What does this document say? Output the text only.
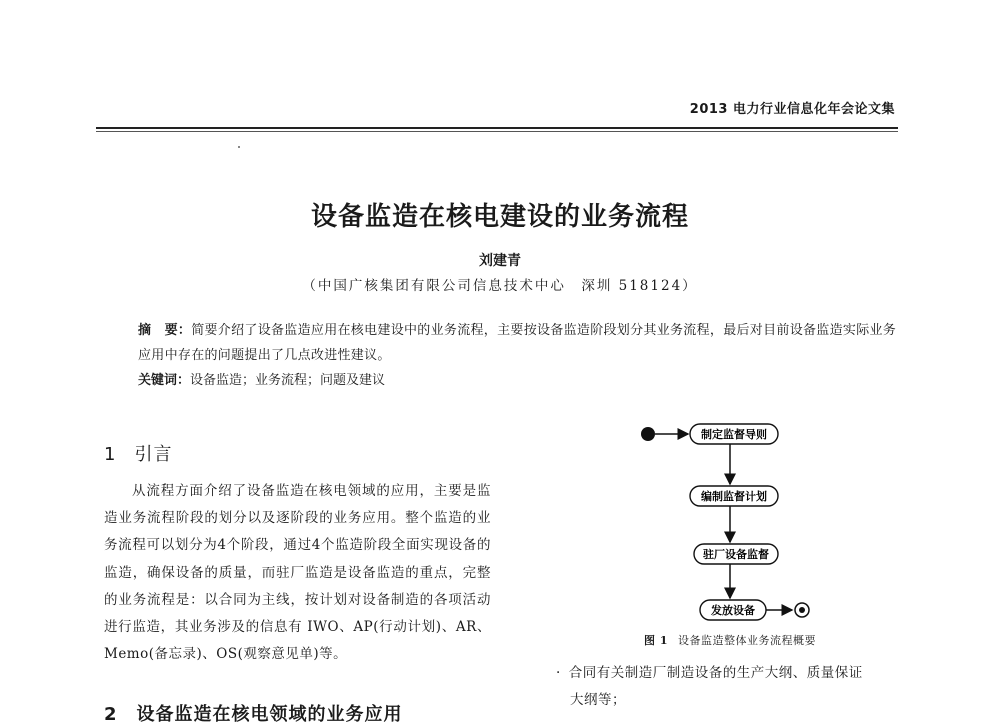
2013 电力行业信息化年会论文集
设备监造在核电建设的业务流程
刘建青
（中国广核集团有限公司信息技术中心　深圳 518124）
摘　要：简要介绍了设备监造应用在核电建设中的业务流程，主要按设备监造阶段划分其业务流程，最后对目前设备监造实际业务应用中存在的问题提出了几点改进性建议。
关键词：设备监造；业务流程；问题及建议
1 引言
从流程方面介绍了设备监造在核电领域的应用，主要是监造业务流程阶段的划分以及逐阶段的业务应用。整个监造的业务流程可以划分为4个阶段，通过4个监造阶段全面实现设备的监造，确保设备的质量，而驻厂监造是设备监造的重点，完整的业务流程是：以合同为主线，按计划对设备制造的各项活动进行监造，其业务涉及的信息有 IWO、AP(行动计划)、AR、Memo(备忘录)、OS(观察意见单)等。
2　设备监造在核电领域的业务应用
制定监督导则
编制监督计划
驻厂设备监督
发放设备
图 1 设备监造整体业务流程概要
· 合同有关制造厂制造设备的生产大纲、质量保证
大纲等；
